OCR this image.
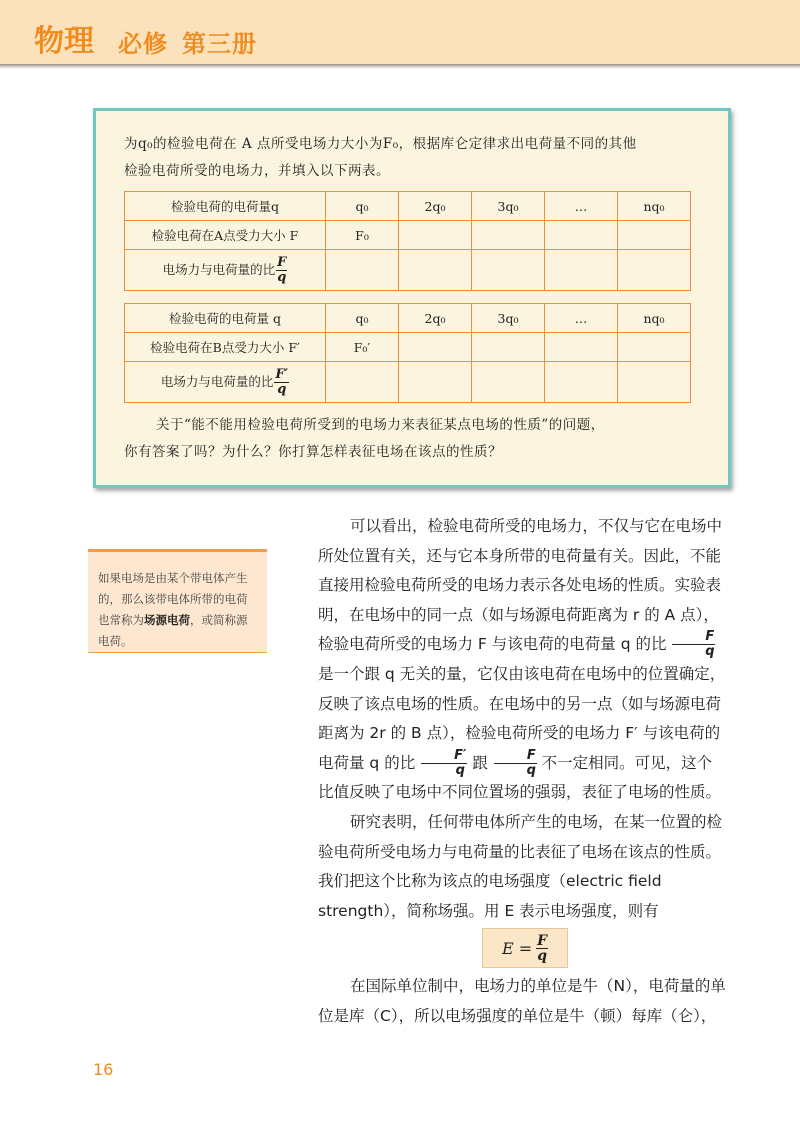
物理 必修 第三册

为q₀的检验电荷在 A 点所受电场力大小为F₀，根据库仑定律求出电荷量不同的其他

检验电荷所受的电场力，并填入以下两表。

检验电荷的电荷量q	q₀	2q₀	3q₀	…	nq₀
检验电荷在A点受力大小 F	F₀				
电场力与电荷量的比 $\frac{F}{q}$

检验电荷的电荷量 q	q₀	2q₀	3q₀	…	nq₀
检验电荷在B点受力大小 F′	F₀′				
电场力与电荷量的比 $\frac{F'}{q}$

关于“能不能用检验电荷所受到的电场力来表征某点电场的性质”的问题，

你有答案了吗？为什么？你打算怎样表征电场在该点的性质？

如果电场是由某个带电体产生的，那么该带电体所带的电荷也常称为场源电荷，或简称源电荷。

可以看出，检验电荷所受的电场力，不仅与它在电场中所处位置有关，还与它本身所带的电荷量有关。因此，不能直接用检验电荷所受的电场力表示各处电场的性质。实验表明，在电场中的同一点（如与场源电荷距离为 r 的 A 点），检验电荷所受的电场力 F 与该电荷的电荷量 q 的比 $\frac{F}{q}$
是一个跟 q 无关的量，它仅由该电荷在电场中的位置确定，反映了该点电场的性质。在电场中的另一点（如与场源电荷距离为 2r 的 B 点），检验电荷所受的电场力 F′ 与该电荷的电荷量 q 的比 $\frac{F'}{q}$ 跟 $\frac{F}{q}$ 不一定相同。可见，这个比值反映了电场中不同位置场的强弱，表征了电场的性质。

研究表明，任何带电体所产生的电场，在某一位置的检验电荷所受电场力与电荷量的比表征了电场在该点的性质。我们把这个比称为该点的电场强度（electric field strength），简称场强。用 E 表示电场强度，则有

$E = \frac{F}{q}$

在国际单位制中，电场力的单位是牛（N），电荷量的单位是库（C），所以电场强度的单位是牛（顿）每库（仑），

16
